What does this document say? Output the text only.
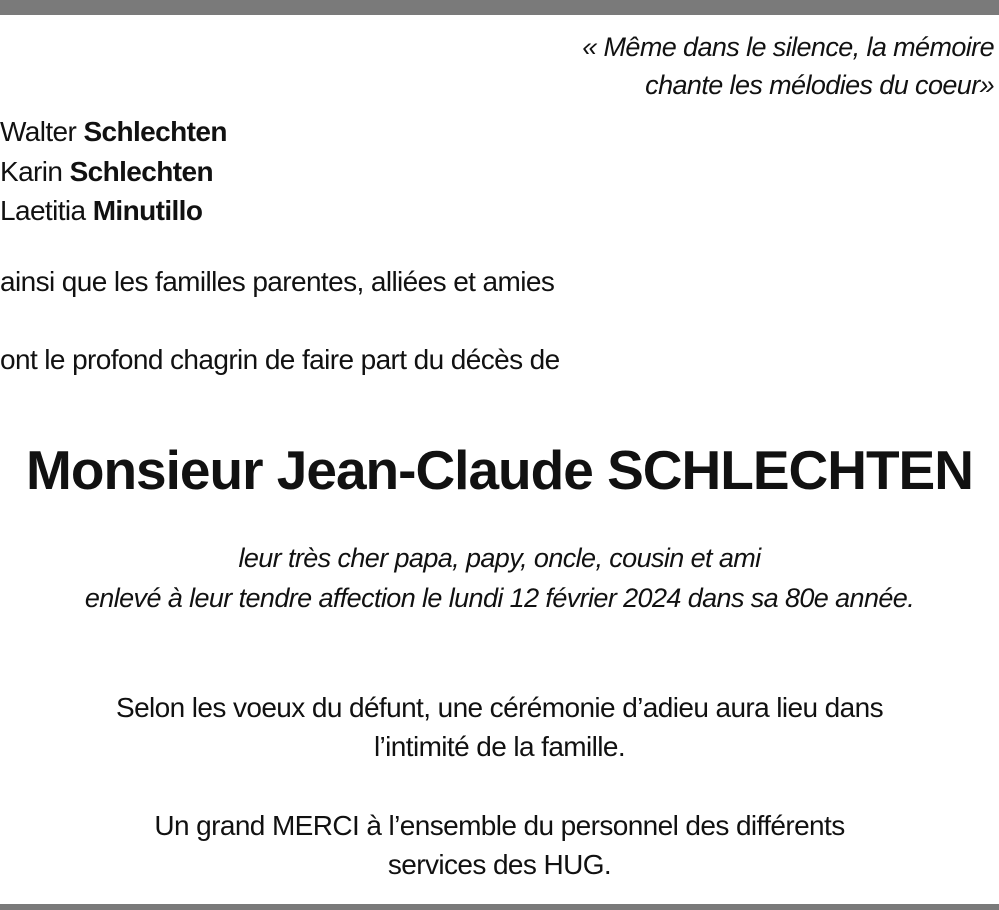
« Même dans le silence, la mémoire
chante les mélodies du coeur»
Walter Schlechten
Karin Schlechten
Laetitia Minutillo
ainsi que les familles parentes, alliées et amies
ont le profond chagrin de faire part du décès de
Monsieur Jean-Claude SCHLECHTEN
leur très cher papa, papy, oncle, cousin et ami
enlevé à leur tendre affection le lundi 12 février 2024 dans sa 80e année.
Selon les voeux du défunt, une cérémonie d’adieu aura lieu dans
l’intimité de la famille.
Un grand MERCI à l’ensemble du personnel des différents
services des HUG.
